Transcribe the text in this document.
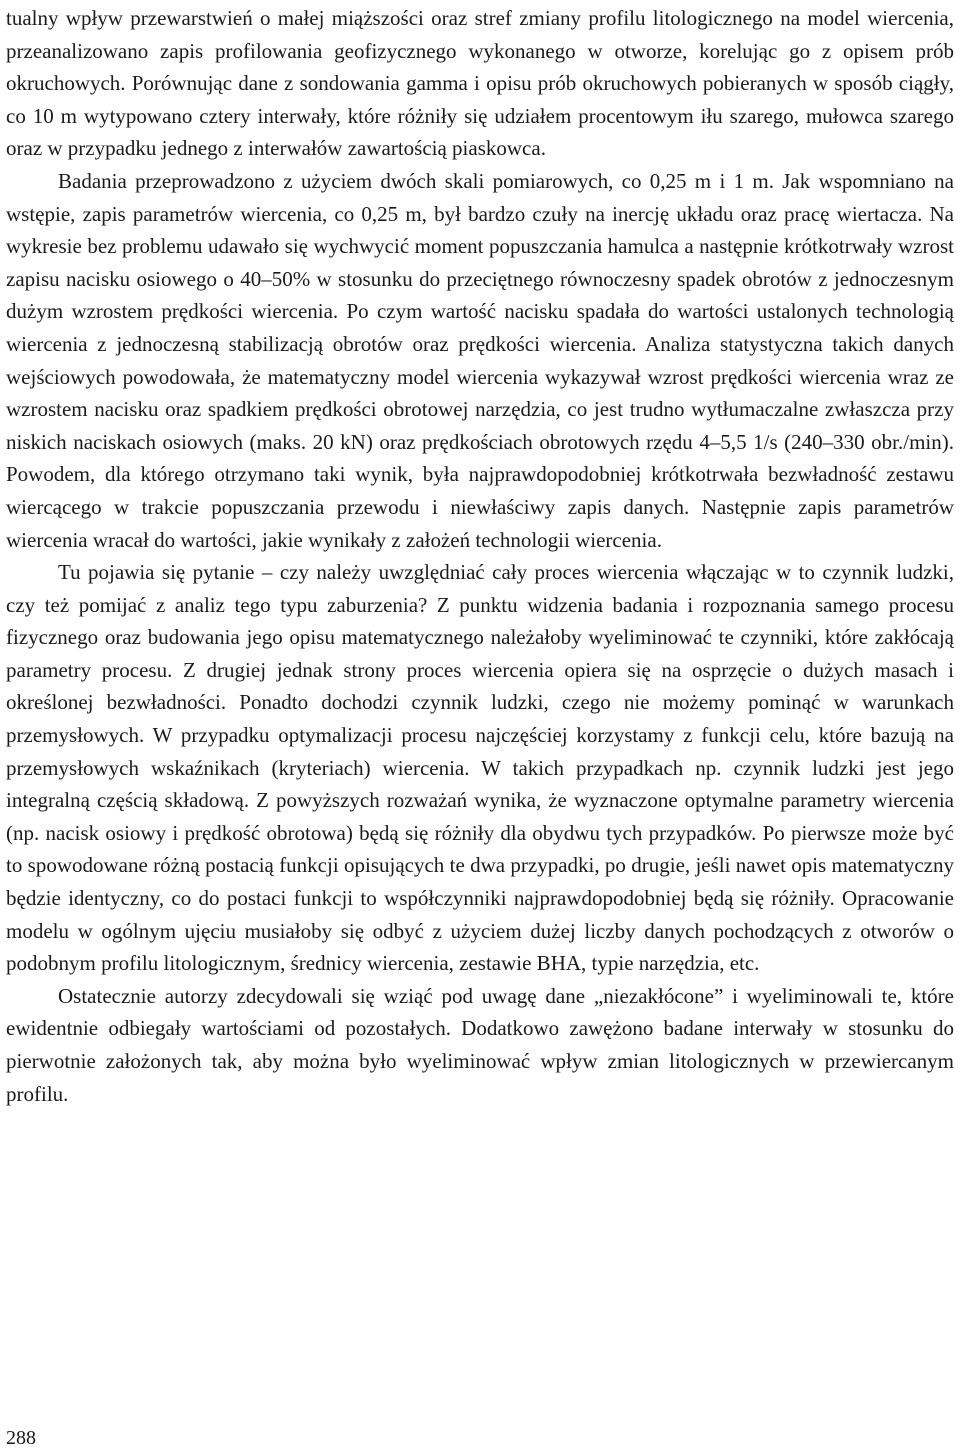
tualny wpływ przewarstwień o małej miąższości oraz stref zmiany profilu litologicznego na model wiercenia, przeanalizowano zapis profilowania geofizycznego wykonanego w otworze, korelując go z opisem prób okruchowych. Porównując dane z sondowania gamma i opisu prób okruchowych pobieranych w sposób ciągły, co 10 m wytypowano cztery interwały, które różniły się udziałem procentowym iłu szarego, mułowca szarego oraz w przypadku jednego z interwałów zawartością piaskowca.

Badania przeprowadzono z użyciem dwóch skali pomiarowych, co 0,25 m i 1 m. Jak wspomniano na wstępie, zapis parametrów wiercenia, co 0,25 m, był bardzo czuły na inercję układu oraz pracę wiertacza. Na wykresie bez problemu udawało się wychwycić moment popuszczania hamulca a następnie krótkotrwały wzrost zapisu nacisku osiowego o 40–50% w stosunku do przeciętnego równoczesny spadek obrotów z jednoczesnym dużym wzrostem prędkości wiercenia. Po czym wartość nacisku spadała do wartości ustalonych technologią wiercenia z jednoczesną stabilizacją obrotów oraz prędkości wiercenia. Analiza statystyczna takich danych wejściowych powodowała, że matematyczny model wiercenia wykazywał wzrost prędkości wiercenia wraz ze wzrostem nacisku oraz spadkiem prędkości obrotowej narzędzia, co jest trudno wytłumaczalne zwłaszcza przy niskich naciskach osiowych (maks. 20 kN) oraz prędkościach obrotowych rzędu 4–5,5 1/s (240–330 obr./min). Powodem, dla którego otrzymano taki wynik, była najprawdopodobniej krótkotrwała bezwładność zestawu wiercącego w trakcie popuszczania przewodu i niewłaściwy zapis danych. Następnie zapis parametrów wiercenia wracał do wartości, jakie wynikały z założeń technologii wiercenia.

Tu pojawia się pytanie – czy należy uwzględniać cały proces wiercenia włączając w to czynnik ludzki, czy też pomijać z analiz tego typu zaburzenia? Z punktu widzenia badania i rozpoznania samego procesu fizycznego oraz budowania jego opisu matematycznego należałoby wyeliminować te czynniki, które zakłócają parametry procesu. Z drugiej jednak strony proces wiercenia opiera się na osprzęcie o dużych masach i określonej bezwładności. Ponadto dochodzi czynnik ludzki, czego nie możemy pominąć w warunkach przemysłowych. W przypadku optymalizacji procesu najczęściej korzystamy z funkcji celu, które bazują na przemysłowych wskaźnikach (kryteriach) wiercenia. W takich przypadkach np. czynnik ludzki jest jego integralną częścią składową. Z powyższych rozważań wynika, że wyznaczone optymalne parametry wiercenia (np. nacisk osiowy i prędkość obrotowa) będą się różniły dla obydwu tych przypadków. Po pierwsze może być to spowodowane różną postacią funkcji opisujących te dwa przypadki, po drugie, jeśli nawet opis matematyczny będzie identyczny, co do postaci funkcji to współczynniki najprawdopodobniej będą się różniły. Opracowanie modelu w ogólnym ujęciu musiałoby się odbyć z użyciem dużej liczby danych pochodzących z otworów o podobnym profilu litologicznym, średnicy wiercenia, zestawie BHA, typie narzędzia, etc.

Ostatecznie autorzy zdecydowali się wziąć pod uwagę dane „niezakłócone” i wyeliminowali te, które ewidentnie odbiegały wartościami od pozostałych. Dodatkowo zawężono badane interwały w stosunku do pierwotnie założonych tak, aby można było wyeliminować wpływ zmian litologicznych w przewiercanym profilu.

288
